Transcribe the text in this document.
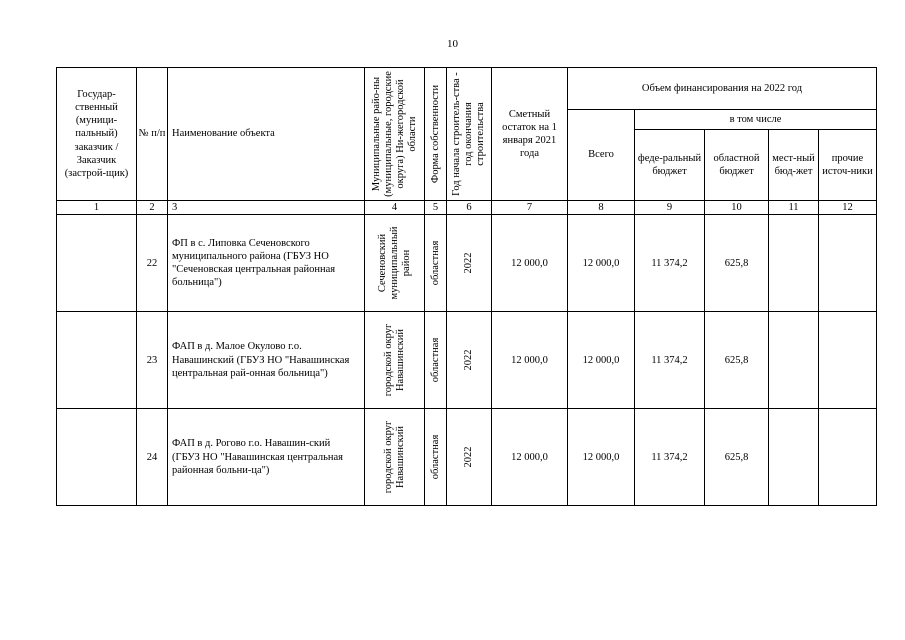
10
Государ-ственный (муници-пальный) заказчик / Заказчик (застрой-щик)	№ п/п	Наименование объекта	Муниципальные райо-ны (муниципальные, городские округа) Ни-жегородской области	Форма собственности	Год начала строитель-ства - год окончания строительства	Сметный остаток на 1 января 2021 года	Объем финансирования на 2022 год				
							Всего	в том числе			
								феде-ральный бюджет	областной бюджет	мест-ный бюд-жет	прочие источ-ники
1	2	3	4	5	6	7	8	9	10	11	12
	22	ФП в с. Липовка Сеченовского муниципального района (ГБУЗ НО "Сеченовская центральная районная больница")	Сеченовский муниципальный район	областная	2022	12 000,0	12 000,0	11 374,2	625,8		
	23	ФАП в д. Малое Окулово г.о. Навашинский (ГБУЗ НО "Навашинская центральная рай-онная больница")	городской округ Навашинский	областная	2022	12 000,0	12 000,0	11 374,2	625,8		
	24	ФАП в д. Рогово г.о. Навашин-ский (ГБУЗ НО "Навашинская центральная районная больни-ца")	городской округ Навашинский	областная	2022	12 000,0	12 000,0	11 374,2	625,8		
